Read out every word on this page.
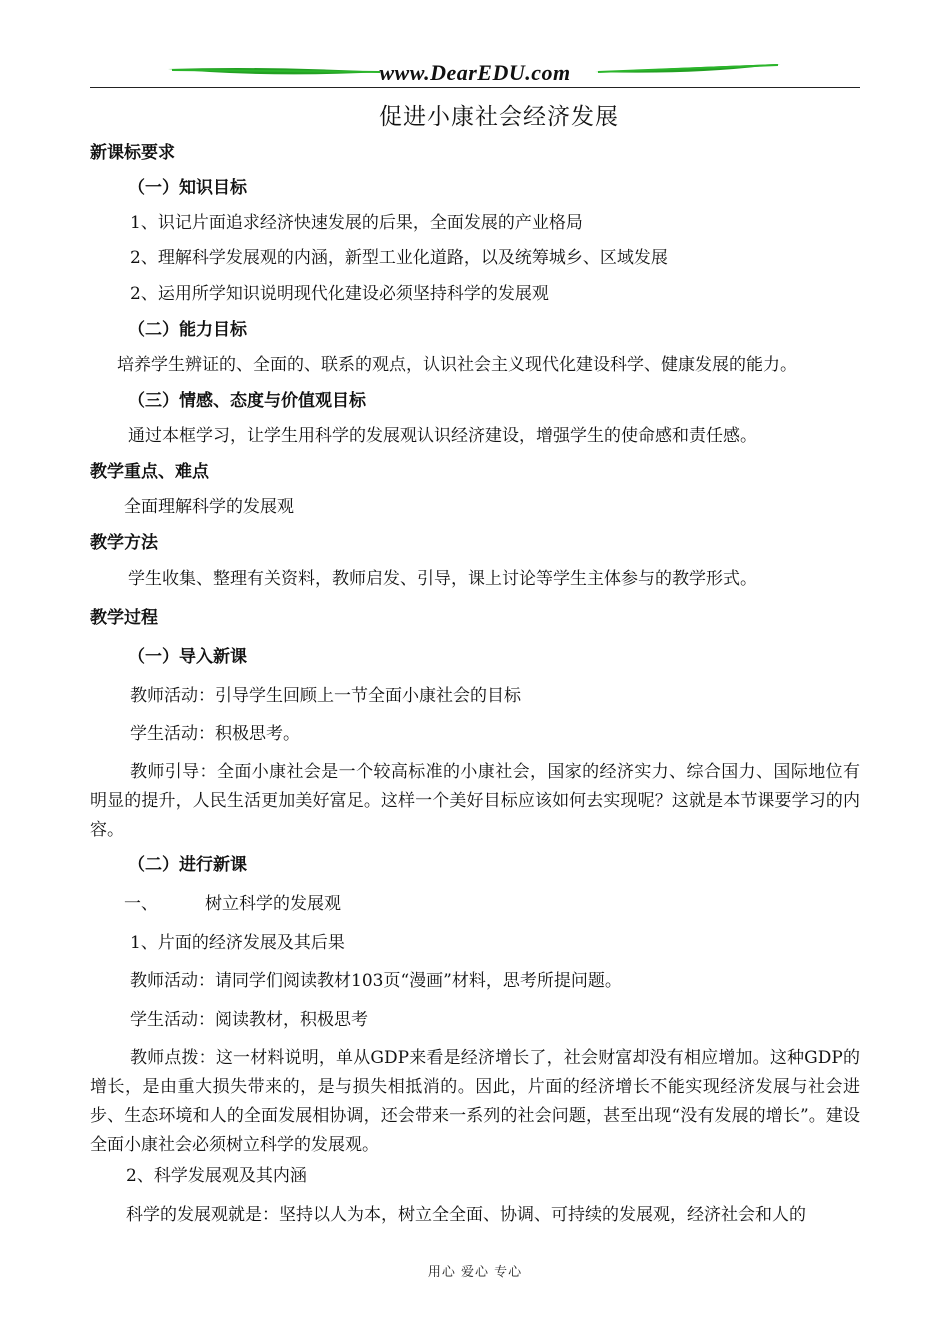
www.DearEDU.com
促进小康社会经济发展
新课标要求
（一）知识目标
1、识记片面追求经济快速发展的后果，全面发展的产业格局
2、理解科学发展观的内涵，新型工业化道路，以及统筹城乡、区域发展
2、运用所学知识说明现代化建设必须坚持科学的发展观
（二）能力目标
培养学生辨证的、全面的、联系的观点，认识社会主义现代化建设科学、健康发展的能力。
（三）情感、态度与价值观目标
通过本框学习，让学生用科学的发展观认识经济建设，增强学生的使命感和责任感。
教学重点、难点
全面理解科学的发展观
教学方法
学生收集、整理有关资料，教师启发、引导，课上讨论等学生主体参与的教学形式。
教学过程
（一）导入新课
教师活动：引导学生回顾上一节全面小康社会的目标
学生活动：积极思考。
教师引导：全面小康社会是一个较高标准的小康社会，国家的经济实力、综合国力、国际地位有明显的提升，人民生活更加美好富足。这样一个美好目标应该如何去实现呢？这就是本节课要学习的内容。
（二）进行新课
一、	树立科学的发展观
1、片面的经济发展及其后果
教师活动：请同学们阅读教材103页“漫画”材料，思考所提问题。
学生活动：阅读教材，积极思考
教师点拨：这一材料说明，单从GDP来看是经济增长了，社会财富却没有相应增加。这种GDP的增长，是由重大损失带来的，是与损失相抵消的。因此，片面的经济增长不能实现经济发展与社会进步、生态环境和人的全面发展相协调，还会带来一系列的社会问题，甚至出现“没有发展的增长”。建设全面小康社会必须树立科学的发展观。
2、科学发展观及其内涵
科学的发展观就是：坚持以人为本，树立全全面、协调、可持续的发展观，经济社会和人的
用心 爱心 专心
